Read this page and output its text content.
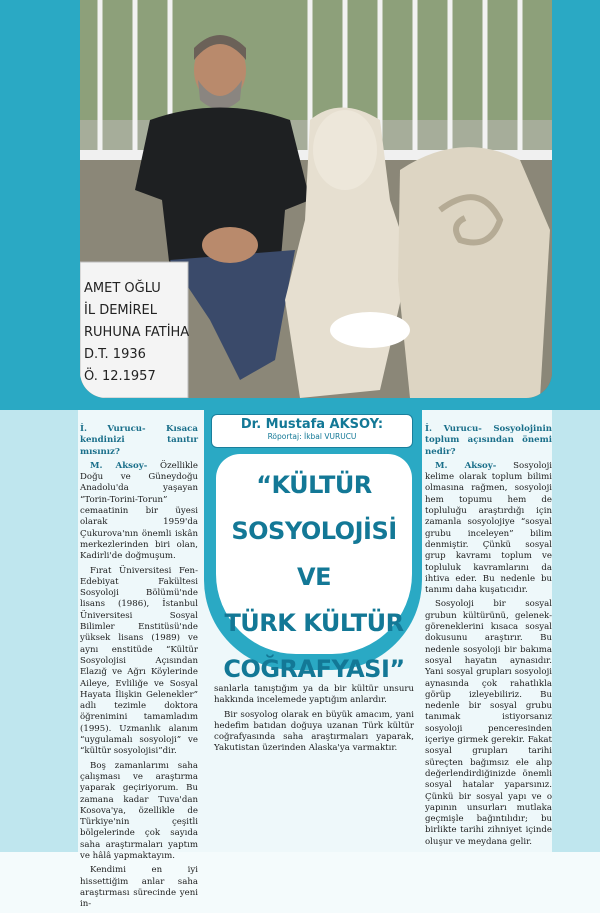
AMET OĞLU
İL DEMİREL
RUHUNA FATİHA
D.T. 1936
Ö. 12.1957
Dr. Mustafa AKSOY:
Röportaj: İkbal VURUCU
“KÜLTÜR
SOSYOLOJİSİ VE
TÜRK KÜLTÜR
COĞRAFYASI”

İ. Vurucu- Kısaca kendinizi tanıtır mısınız?

M. Aksoy- Özellikle Doğu ve Güneydoğu Anadolu'da yaşayan “Torin-Torini-Torun” cemaatinin bir üyesi olarak 1959'da Çukurova'nın önemli iskân merkezlerinden biri olan, Kadirli'de doğmuşum.

Fırat Üniversitesi Fen-Edebiyat Fakültesi Sosyoloji Bölümü'nde lisans (1986), İstanbul Üniversitesi Sosyal Bilimler Enstitüsü'nde yüksek lisans (1989) ve aynı enstitüde “Kültür Sosyolojisi Açısından Elazığ ve Ağrı Köylerinde Aileye, Evliliğe ve Sosyal Hayata İlişkin Gelenekler” adlı tezimle doktora öğrenimini tamamladım (1995). Uzmanlık alanım “uygulamalı sosyoloji” ve “kültür sosyolojisi”dir.

Boş zamanlarımı saha çalışması ve araştırma yaparak geçiriyorum. Bu zamana kadar Tuva'dan Kosova'ya, özellikle de Türkiye'nin çeşitli bölgelerinde çok sayıda saha araştırmaları yaptım ve hâlâ yapmaktayım.

Kendimi en iyi hissettiğim anlar saha araştırması sürecinde yeni in-

sanlarla tanıştığım ya da bir kültür unsuru hakkında incelemede yaptığım anlardır.

Bir sosyolog olarak en büyük amacım, yani hedefim batıdan doğuya uzanan Türk kültür coğrafyasında saha araştırmaları yaparak, Yakutistan üzerinden Alaska'ya varmaktır.

İ. Vurucu- Sosyolojinin toplum açısından önemi nedir?

M. Aksoy- Sosyoloji kelime olarak toplum bilimi olmasına rağmen, sosyoloji hem topumu hem de topluluğu araştırdığı için zamanla sosyolojiye “sosyal grubu inceleyen” bilim denmiştir. Çünkü sosyal grup kavramı toplum ve topluluk kavramlarını da ihtiva eder. Bu nedenle bu tanımı daha kuşatıcıdır.

Sosyoloji bir sosyal grubun kültürünü, gelenek-göreneklerini kısaca sosyal dokusunu araştırır. Bu nedenle sosyoloji bir bakıma sosyal hayatın aynasıdır. Yani sosyal grupları sosyoloji aynasında çok rahatlıkla görüp izleyebiliriz. Bu nedenle bir sosyal grubu tanımak istiyorsanız sosyoloji penceresinden içeriye girmek gerekir. Fakat sosyal grupları tarihi süreçten bağımsız ele alıp değerlendirdiğinizde önemli sosyal hatalar yaparsınız. Çünkü bir sosyal yapı ve o yapının unsurları mutlaka geçmişle bağıntılıdır; bu birlikte tarihi zihniyet içinde oluşur ve meydana gelir.
